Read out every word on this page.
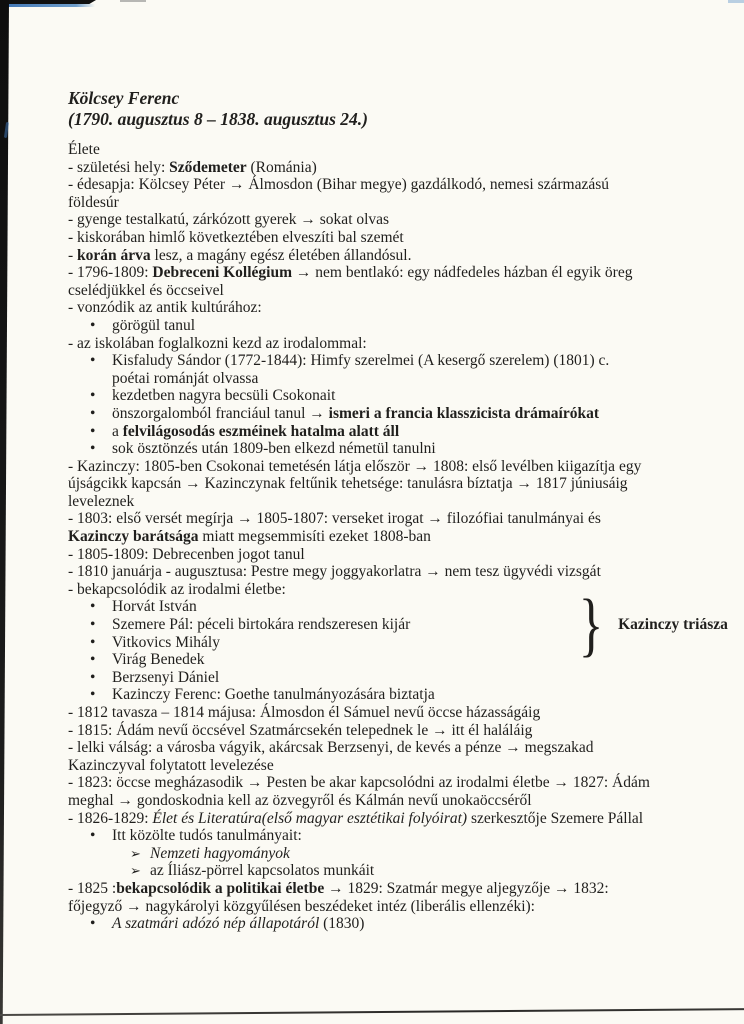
Kölcsey Ferenc
(1790. augusztus 8 – 1838. augusztus 24.)
Élete
- születési hely: Sződemeter (Románia)
- édesapja: Kölcsey Péter → Álmosdon (Bihar megye) gazdálkodó, nemesi származású
földesúr
- gyenge testalkatú, zárkózott gyerek → sokat olvas
- kiskorában himlő következtében elveszíti bal szemét
- korán árva lesz, a magány egész életében állandósul.
- 1796-1809: Debreceni Kollégium → nem bentlakó: egy nádfedeles házban él egyik öreg
cselédjükkel és öccseivel
- vonzódik az antik kultúrához:
• görögül tanul
- az iskolában foglalkozni kezd az irodalommal:
• Kisfaludy Sándor (1772-1844): Himfy szerelmei (A kesergő szerelem) (1801) c.
poétai románját olvassa
• kezdetben nagyra becsüli Csokonait
• önszorgalomból franciául tanul → ismeri a francia klasszicista drámaírókat
• a felvilágosodás eszméinek hatalma alatt áll
• sok ösztönzés után 1809-ben elkezd németül tanulni
- Kazinczy: 1805-ben Csokonai temetésén látja először → 1808: első levélben kiigazítja egy
újságcikk kapcsán → Kazinczynak feltűnik tehetsége: tanulásra bíztatja → 1817 júniusáig
leveleznek
- 1803: első versét megírja → 1805-1807: verseket irogat → filozófiai tanulmányai és
Kazinczy barátsága miatt megsemmisíti ezeket 1808-ban
- 1805-1809: Debrecenben jogot tanul
- 1810 januárja - augusztusa: Pestre megy joggyakorlatra → nem tesz ügyvédi vizsgát
- bekapcsolódik az irodalmi életbe:
• Horvát István
• Szemere Pál: péceli birtokára rendszeresen kijár
• Vitkovics Mihály
• Virág Benedek
• Berzsenyi Dániel
• Kazinczy Ferenc: Goethe tanulmányozására biztatja
- 1812 tavasza – 1814 májusa: Álmosdon él Sámuel nevű öccse házasságáig
- 1815: Ádám nevű öccsével Szatmárcsekén telepednek le → itt él haláláig
- lelki válság: a városba vágyik, akárcsak Berzsenyi, de kevés a pénze → megszakad
Kazinczyval folytatott levelezése
- 1823: öccse megházasodik → Pesten be akar kapcsolódni az irodalmi életbe → 1827: Ádám
meghal → gondoskodnia kell az özvegyről és Kálmán nevű unokaöccséről
- 1826-1829: Élet és Literatúra(első magyar esztétikai folyóirat) szerkesztője Szemere Pállal
• Itt közölte tudós tanulmányait:
➢ Nemzeti hagyományok
➢ az Íliász-pörrel kapcsolatos munkáit
- 1825 :bekapcsolódik a politikai életbe → 1829: Szatmár megye aljegyzője → 1832:
főjegyző → nagykárolyi közgyűlésen beszédeket intéz (liberális ellenzéki):
• A szatmári adózó nép állapotáról (1830)
} Kazinczy triásza
